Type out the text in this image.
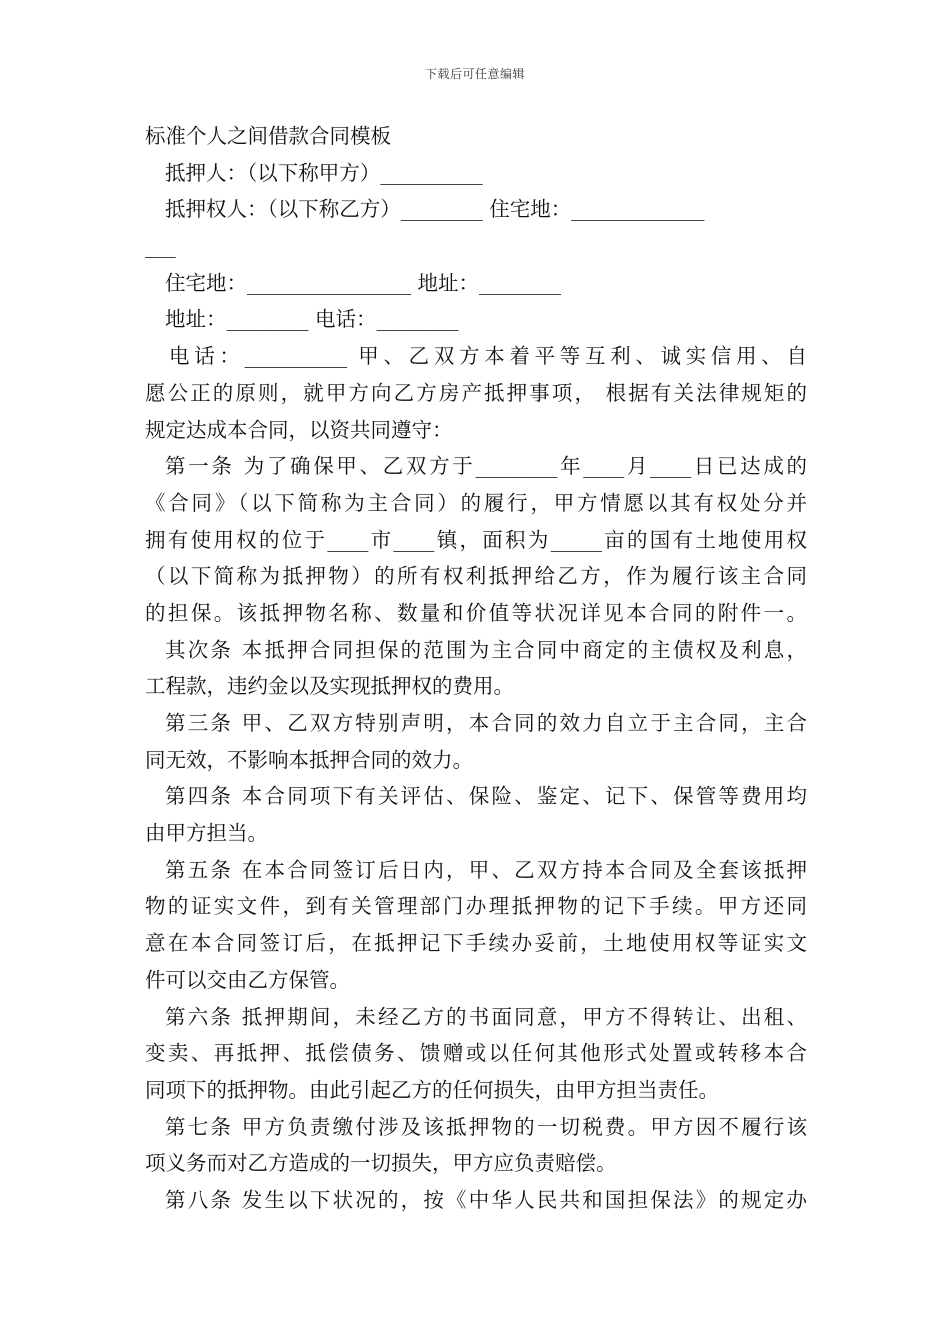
下载后可任意编辑
标准个人之间借款合同模板
抵押人：（以下称甲方）__________
抵押权人：（以下称乙方）________ 住宅地：_____________
___
住宅地：________________ 地址：________
地址：________ 电话：________
电话：__________ 甲、乙双方本着平等互利、诚实信用、自
愿公正的原则，就甲方向乙方房产抵押事项， 根据有关法律规矩的
规定达成本合同，以资共同遵守：
第一条 为了确保甲、乙双方于________年____月____日已达成的
《合同》（以下简称为主合同）的履行，甲方情愿以其有权处分并
拥有使用权的位于____市____镇，面积为_____亩的国有土地使用权
（以下简称为抵押物）的所有权利抵押给乙方，作为履行该主合同
的担保。该抵押物名称、数量和价值等状况详见本合同的附件一。
其次条 本抵押合同担保的范围为主合同中商定的主债权及利息，
工程款，违约金以及实现抵押权的费用。
第三条 甲、乙双方特别声明，本合同的效力自立于主合同，主合
同无效，不影响本抵押合同的效力。
第四条 本合同项下有关评估、保险、鉴定、记下、保管等费用均
由甲方担当。
第五条 在本合同签订后日内，甲、乙双方持本合同及全套该抵押
物的证实文件，到有关管理部门办理抵押物的记下手续。甲方还同
意在本合同签订后，在抵押记下手续办妥前，土地使用权等证实文
件可以交由乙方保管。
第六条 抵押期间，未经乙方的书面同意，甲方不得转让、出租、
变卖、再抵押、抵偿债务、馈赠或以任何其他形式处置或转移本合
同项下的抵押物。由此引起乙方的任何损失，由甲方担当责任。
第七条 甲方负责缴付涉及该抵押物的一切税费。甲方因不履行该
项义务而对乙方造成的一切损失，甲方应负责赔偿。
第八条 发生以下状况的，按《中华人民共和国担保法》的规定办
